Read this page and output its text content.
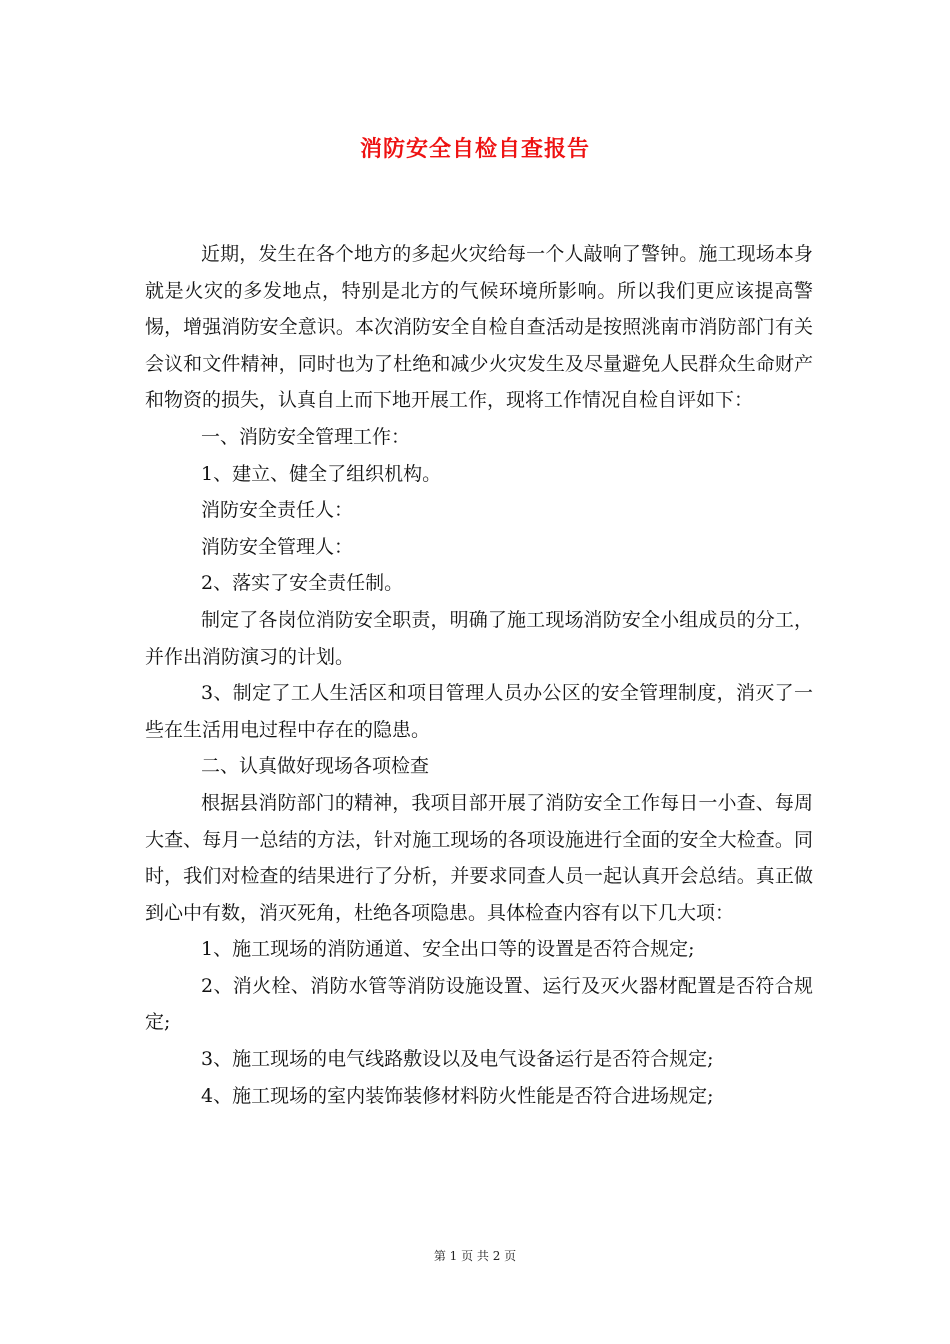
消防安全自检自查报告

近期，发生在各个地方的多起火灾给每一个人敲响了警钟。施工现场本身就是火灾的多发地点，特别是北方的气候环境所影响。所以我们更应该提高警惕，增强消防安全意识。本次消防安全自检自查活动是按照洮南市消防部门有关会议和文件精神，同时也为了杜绝和减少火灾发生及尽量避免人民群众生命财产和物资的损失，认真自上而下地开展工作，现将工作情况自检自评如下：

一、消防安全管理工作：

1、建立、健全了组织机构。

消防安全责任人：

消防安全管理人：

2、落实了安全责任制。

制定了各岗位消防安全职责，明确了施工现场消防安全小组成员的分工，并作出消防演习的计划。

3、制定了工人生活区和项目管理人员办公区的安全管理制度，消灭了一些在生活用电过程中存在的隐患。

二、认真做好现场各项检查

根据县消防部门的精神，我项目部开展了消防安全工作每日一小查、每周大查、每月一总结的方法，针对施工现场的各项设施进行全面的安全大检查。同时，我们对检查的结果进行了分析，并要求同查人员一起认真开会总结。真正做到心中有数，消灭死角，杜绝各项隐患。具体检查内容有以下几大项：

1、施工现场的消防通道、安全出口等的设置是否符合规定;

2、消火栓、消防水管等消防设施设置、运行及灭火器材配置是否符合规定;

3、施工现场的电气线路敷设以及电气设备运行是否符合规定;

4、施工现场的室内装饰装修材料防火性能是否符合进场规定;

第 1 页 共 2 页
